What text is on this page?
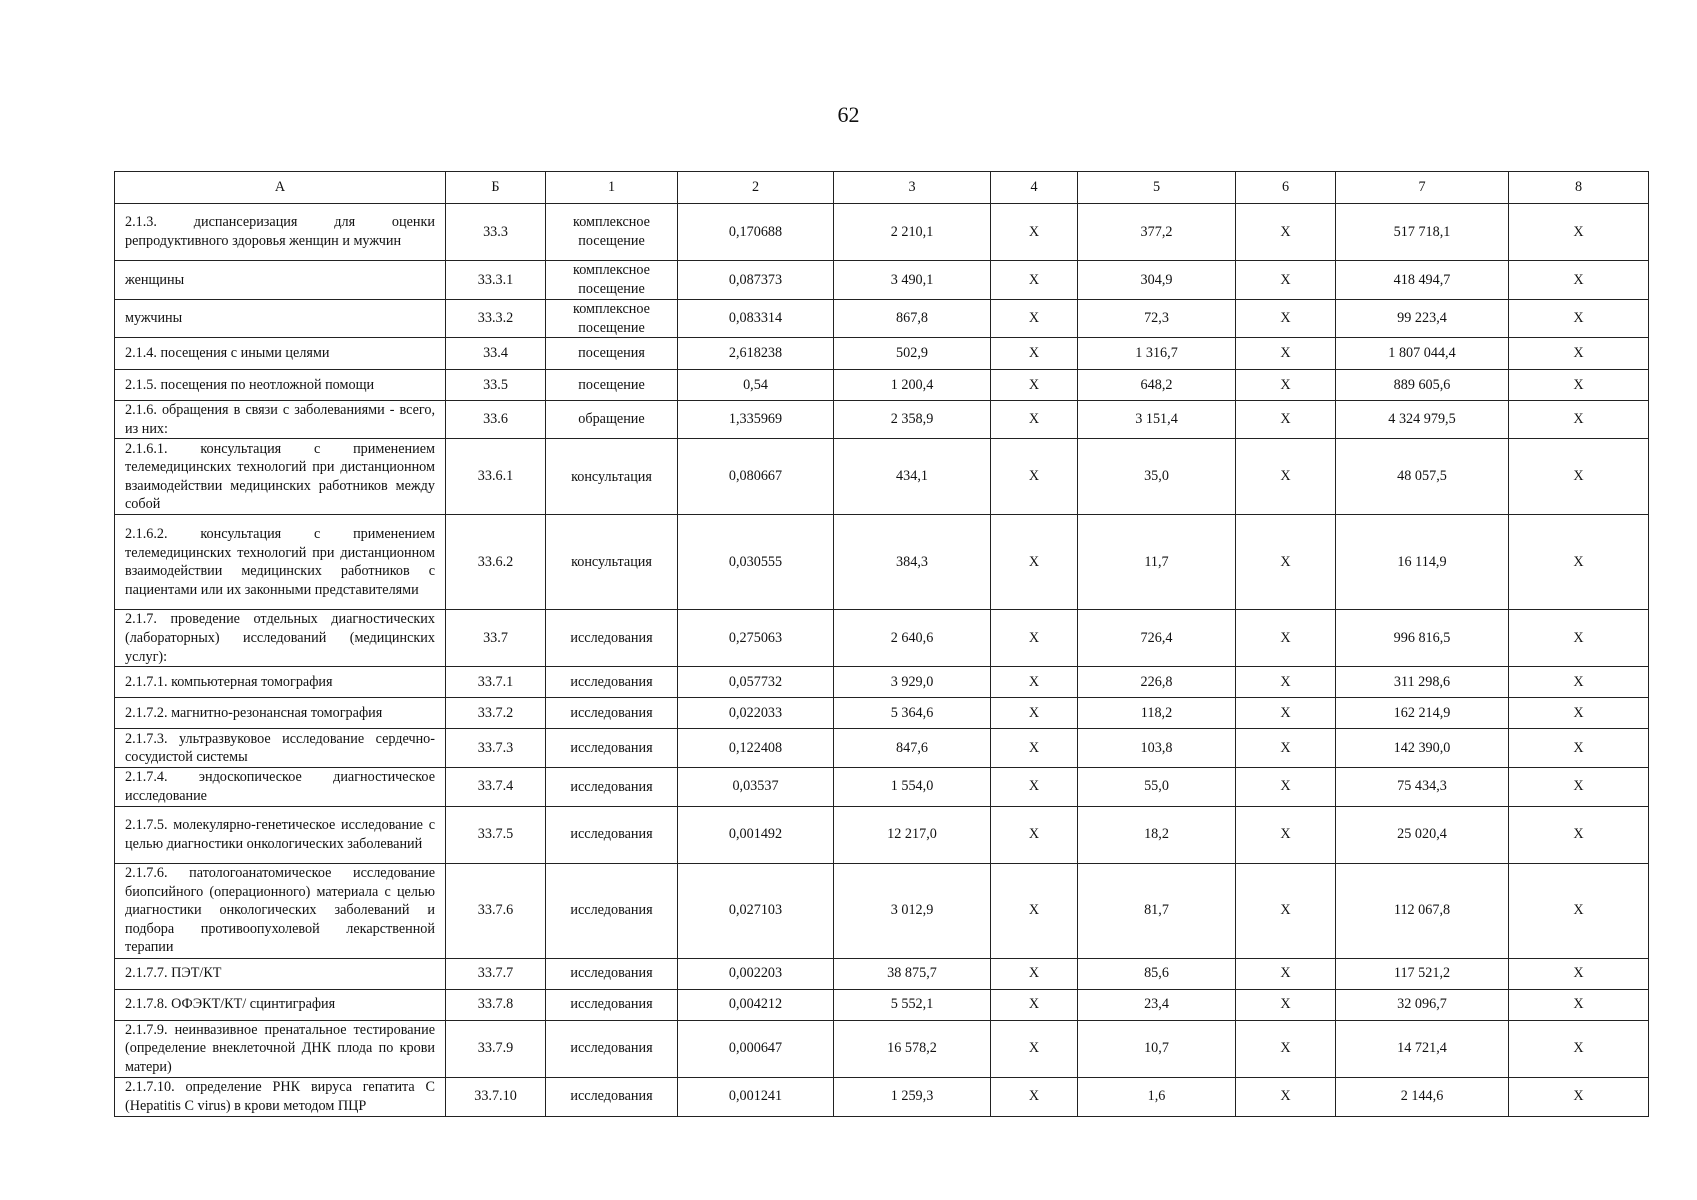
62
А	Б	1	2	3	4	5	6	7	8
2.1.3. диспансеризация для оценки репродуктивного здоровья женщин и мужчин	33.3	комплексное посещение	0,170688	2 210,1	Х	377,2	Х	517 718,1	Х
женщины	33.3.1	комплексное посещение	0,087373	3 490,1	Х	304,9	Х	418 494,7	Х
мужчины	33.3.2	комплексное посещение	0,083314	867,8	Х	72,3	Х	99 223,4	Х
2.1.4. посещения с иными целями	33.4	посещения	2,618238	502,9	Х	1 316,7	Х	1 807 044,4	Х
2.1.5. посещения по неотложной помощи	33.5	посещение	0,54	1 200,4	Х	648,2	Х	889 605,6	Х
2.1.6. обращения в связи с заболеваниями - всего, из них:	33.6	обращение	1,335969	2 358,9	Х	3 151,4	Х	4 324 979,5	Х
2.1.6.1. консультация с применением телемедицинских технологий при дистанционном взаимодействии медицинских работников между собой	33.6.1	консультация	0,080667	434,1	Х	35,0	Х	48 057,5	Х
2.1.6.2. консультация с применением телемедицинских технологий при дистанционном взаимодействии медицинских работников с пациентами или их законными представителями	33.6.2	консультация	0,030555	384,3	Х	11,7	Х	16 114,9	Х
2.1.7. проведение отдельных диагностических (лабораторных) исследований (медицинских услуг):	33.7	исследования	0,275063	2 640,6	Х	726,4	Х	996 816,5	Х
2.1.7.1. компьютерная томография	33.7.1	исследования	0,057732	3 929,0	Х	226,8	Х	311 298,6	Х
2.1.7.2. магнитно-резонансная томография	33.7.2	исследования	0,022033	5 364,6	Х	118,2	Х	162 214,9	Х
2.1.7.3. ультразвуковое исследование сердечно-сосудистой системы	33.7.3	исследования	0,122408	847,6	Х	103,8	Х	142 390,0	Х
2.1.7.4. эндоскопическое диагностическое исследование	33.7.4	исследования	0,03537	1 554,0	Х	55,0	Х	75 434,3	Х
2.1.7.5. молекулярно-генетическое исследование с целью диагностики онкологических заболеваний	33.7.5	исследования	0,001492	12 217,0	Х	18,2	Х	25 020,4	Х
2.1.7.6. патологоанатомическое исследование биопсийного (операционного) материала с целью диагностики онкологических заболеваний и подбора противоопухолевой лекарственной терапии	33.7.6	исследования	0,027103	3 012,9	Х	81,7	Х	112 067,8	Х
2.1.7.7. ПЭТ/КТ	33.7.7	исследования	0,002203	38 875,7	Х	85,6	Х	117 521,2	Х
2.1.7.8. ОФЭКТ/КТ/ сцинтиграфия	33.7.8	исследования	0,004212	5 552,1	Х	23,4	Х	32 096,7	Х
2.1.7.9. неинвазивное пренатальное тестирование (определение внеклеточной ДНК плода по крови матери)	33.7.9	исследования	0,000647	16 578,2	Х	10,7	Х	14 721,4	Х
2.1.7.10. определение РНК вируса гепатита С (Hepatitis C virus) в крови методом ПЦР	33.7.10	исследования	0,001241	1 259,3	Х	1,6	Х	2 144,6	Х
